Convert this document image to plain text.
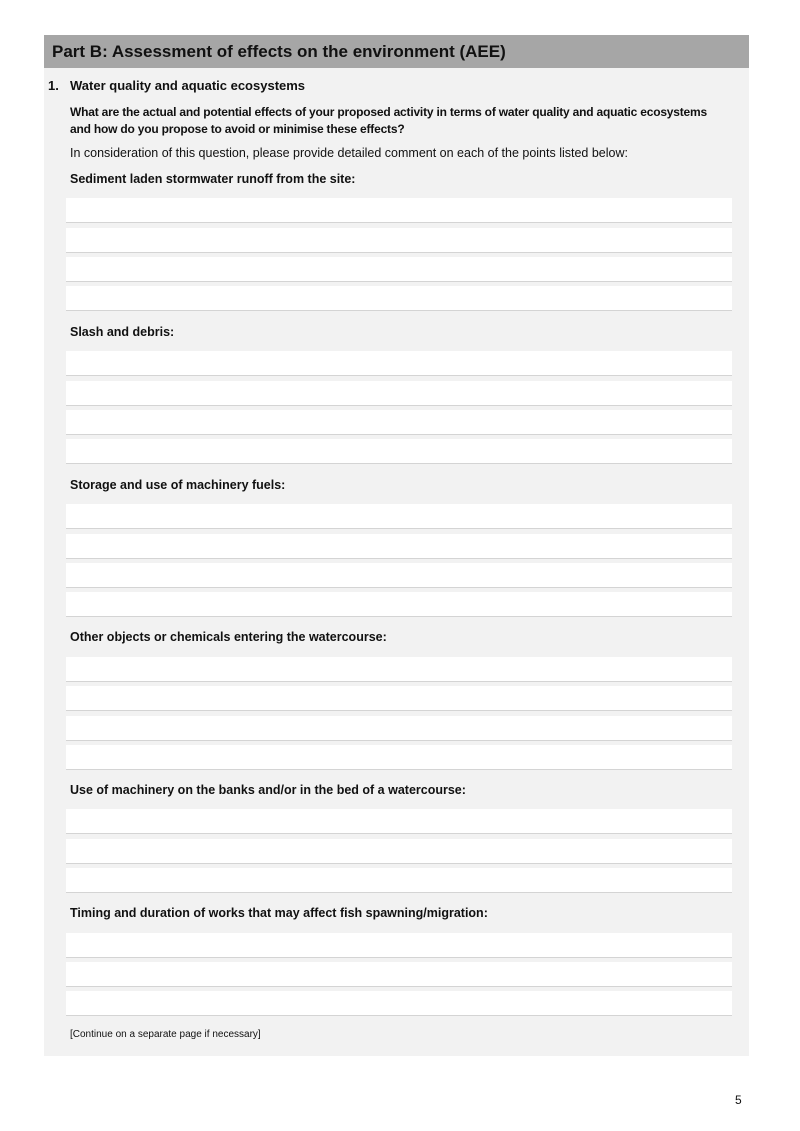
Part B: Assessment of effects on the environment (AEE)
1. Water quality and aquatic ecosystems
What are the actual and potential effects of your proposed activity in terms of water quality and aquatic ecosystems and how do you propose to avoid or minimise these effects?
In consideration of this question, please provide detailed comment on each of the points listed below:
Sediment laden stormwater runoff from the site:
Slash and debris:
Storage and use of machinery fuels:
Other objects or chemicals entering the watercourse:
Use of machinery on the banks and/or in the bed of a watercourse:
Timing and duration of works that may affect fish spawning/migration:
[Continue on a separate page if necessary]
5
